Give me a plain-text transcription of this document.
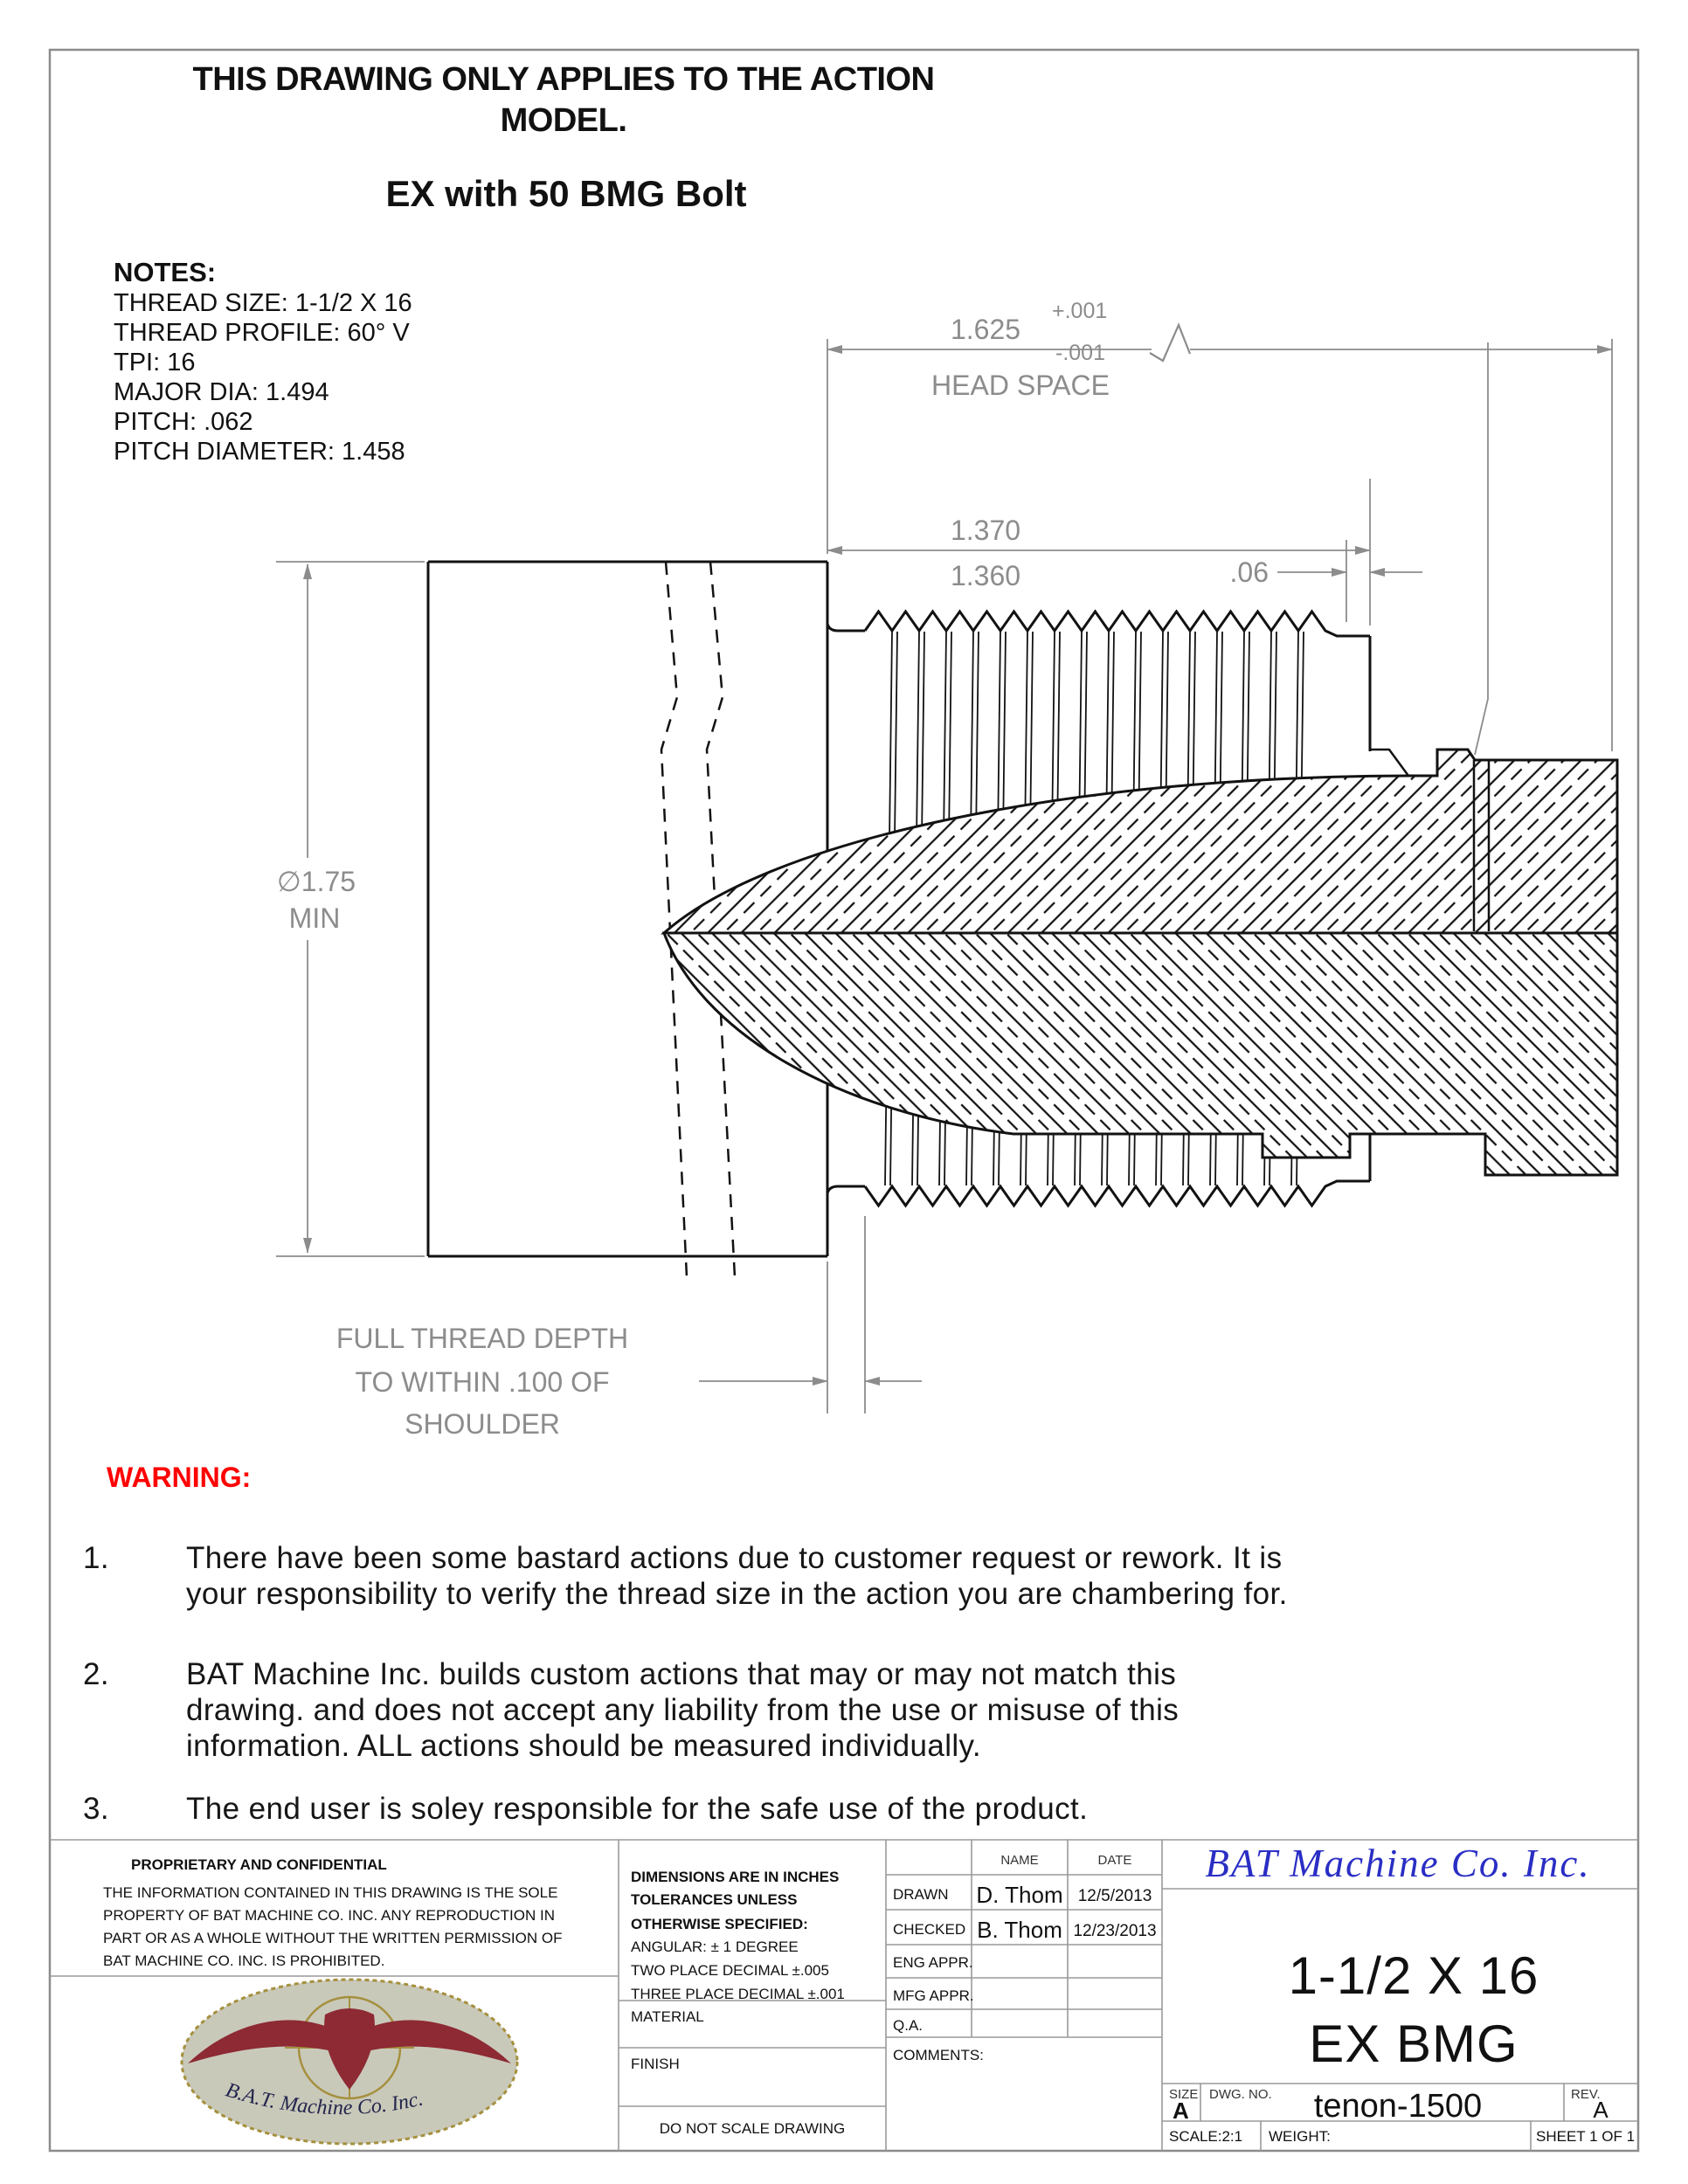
THIS DRAWING ONLY APPLIES TO THE ACTION
MODEL.
EX with 50 BMG Bolt
NOTES:
THREAD SIZE: 1-1/2 X 16
THREAD PROFILE: 60° V
TPI: 16
MAJOR DIA: 1.494
PITCH: .062
PITCH DIAMETER: 1.458
1.625
+.001
-.001
HEAD SPACE
1.370
1.360	.06
∅1.75
MIN
FULL THREAD DEPTH
TO WITHIN .100 OF
SHOULDER
WARNING:
1.	There have been some bastard actions due to customer request or rework. It is
your responsibility to verify the thread size in the action you are chambering for.
2.	BAT Machine Inc. builds custom actions that may or may not match this
drawing. and does not accept any liability from the use or misuse of this
information. ALL actions should be measured individually.
3.	The end user is soley responsible for the safe use of the product.
PROPRIETARY AND CONFIDENTIAL
THE INFORMATION CONTAINED IN THIS DRAWING IS THE SOLE
PROPERTY OF BAT MACHINE CO. INC. ANY REPRODUCTION IN
PART OR AS A WHOLE WITHOUT THE WRITTEN PERMISSION OF
BAT MACHINE CO. INC. IS PROHIBITED.
B.A.T. Machine Co. Inc.
DIMENSIONS ARE IN INCHES
TOLERANCES UNLESS
OTHERWISE SPECIFIED:
ANGULAR: ± 1 DEGREE
TWO PLACE DECIMAL ±.005
THREE PLACE DECIMAL ±.001
MATERIAL
FINISH
DO NOT SCALE DRAWING
NAME	DATE
DRAWN D. Thom 12/5/2013
CHECKED B. Thom 12/23/2013
ENG APPR.
MFG APPR.
Q.A.
COMMENTS:
BAT Machine Co. Inc.
1-1/2 X 16
EX BMG
SIZE
A
DWG. NO. tenon-1500	REV.
A
SCALE:2:1 WEIGHT:	SHEET 1 OF 1
